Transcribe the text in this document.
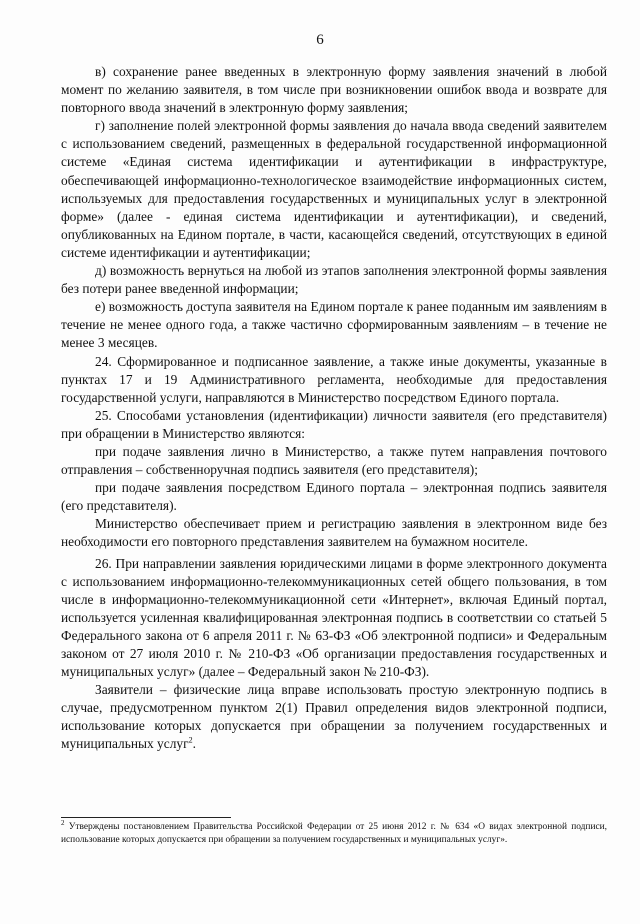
6

в) сохранение ранее введенных в электронную форму заявления значений в любой момент по желанию заявителя, в том числе при возникновении ошибок ввода и возврате для повторного ввода значений в электронную форму заявления;

г) заполнение полей электронной формы заявления до начала ввода сведений заявителем с использованием сведений, размещенных в федеральной государственной информационной системе «Единая система идентификации и аутентификации в инфраструктуре, обеспечивающей информационно-технологическое взаимодействие информационных систем, используемых для предоставления государственных и муниципальных услуг в электронной форме» (далее - единая система идентификации и аутентификации), и сведений, опубликованных на Едином портале, в части, касающейся сведений, отсутствующих в единой системе идентификации и аутентификации;

д) возможность вернуться на любой из этапов заполнения электронной формы заявления без потери ранее введенной информации;

е) возможность доступа заявителя на Едином портале к ранее поданным им заявлениям в течение не менее одного года, а также частично сформированным заявлениям – в течение не менее 3 месяцев.

24. Сформированное и подписанное заявление, а также иные документы, указанные в пунктах 17 и 19 Административного регламента, необходимые для предоставления государственной услуги, направляются в Министерство посредством Единого портала.

25. Способами установления (идентификации) личности заявителя (его представителя) при обращении в Министерство являются:

при подаче заявления лично в Министерство, а также путем направления почтового отправления – собственноручная подпись заявителя (его представителя);

при подаче заявления посредством Единого портала – электронная подпись заявителя (его представителя).

Министерство обеспечивает прием и регистрацию заявления в электронном виде без необходимости его повторного представления заявителем на бумажном носителе.

26. При направлении заявления юридическими лицами в форме электронного документа с использованием информационно-телекоммуникационных сетей общего пользования, в том числе в информационно-телекоммуникационной сети «Интернет», включая Единый портал, используется усиленная квалифицированная электронная подпись в соответствии со статьей 5 Федерального закона от 6 апреля 2011 г. № 63-ФЗ «Об электронной подписи» и Федеральным законом от 27 июля 2010 г. № 210-ФЗ «Об организации предоставления государственных и муниципальных услуг» (далее – Федеральный закон № 210-ФЗ).

Заявители – физические лица вправе использовать простую электронную подпись в случае, предусмотренном пунктом 2(1) Правил определения видов электронной подписи, использование которых допускается при обращении за получением государственных и муниципальных услуг$^2$.

$^2$ Утверждены постановлением Правительства Российской Федерации от 25 июня 2012 г. № 634 «О видах электронной подписи, использование которых допускается при обращении за получением государственных и муниципальных услуг».
